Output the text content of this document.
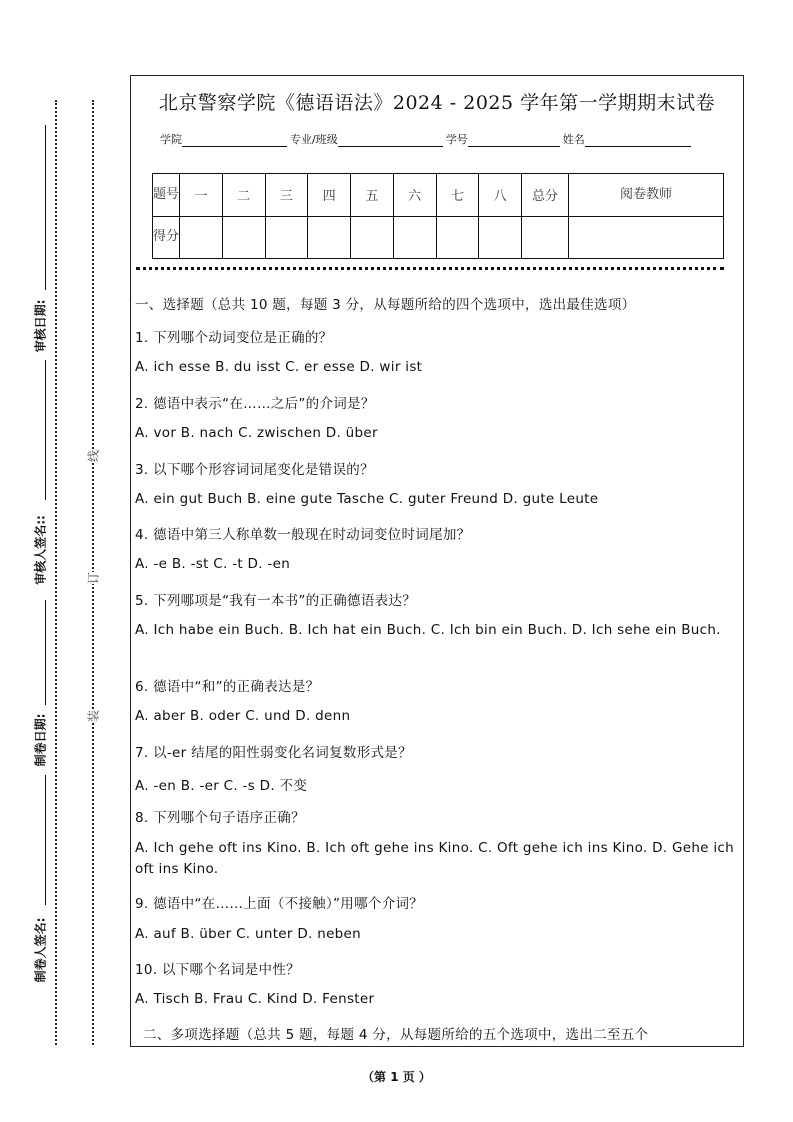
审核日期:
审核人签名::
制卷日期:
制卷人签名:
线
订
装
北京警察学院《德语语法》2024 - 2025 学年第一学期期末试卷
学院	专业/班级	学号	姓名
题号	一	二	三	四	五	六	七	八	总分	阅卷教师
得分										
一、选择题（总共 10 题，每题 3 分，从每题所给的四个选项中，选出最佳选项）
1. 下列哪个动词变位是正确的？
A. ich esse B. du isst C. er esse D. wir ist
2. 德语中表示“在……之后”的介词是？
A. vor B. nach C. zwischen D. über
3. 以下哪个形容词词尾变化是错误的？
A. ein gut Buch B. eine gute Tasche C. guter Freund D. gute Leute
4. 德语中第三人称单数一般现在时动词变位时词尾加？
A. -e B. -st C. -t D. -en
5. 下列哪项是“我有一本书”的正确德语表达？
A. Ich habe ein Buch. B. Ich hat ein Buch. C. Ich bin ein Buch. D. Ich sehe ein Buch.
6. 德语中“和”的正确表达是？
A. aber B. oder C. und D. denn
7. 以-er 结尾的阳性弱变化名词复数形式是？
A. -en B. -er C. -s D. 不变
8. 下列哪个句子语序正确？
A. Ich gehe oft ins Kino. B. Ich oft gehe ins Kino. C. Oft gehe ich ins Kino. D. Gehe ich oft ins Kino.
9. 德语中“在……上面（不接触）”用哪个介词？
A. auf B. über C. unter D. neben
10. 以下哪个名词是中性？
A. Tisch B. Frau C. Kind D. Fenster
二、多项选择题（总共 5 题，每题 4 分，从每题所给的五个选项中，选出二至五个
（第 1 页 ）
